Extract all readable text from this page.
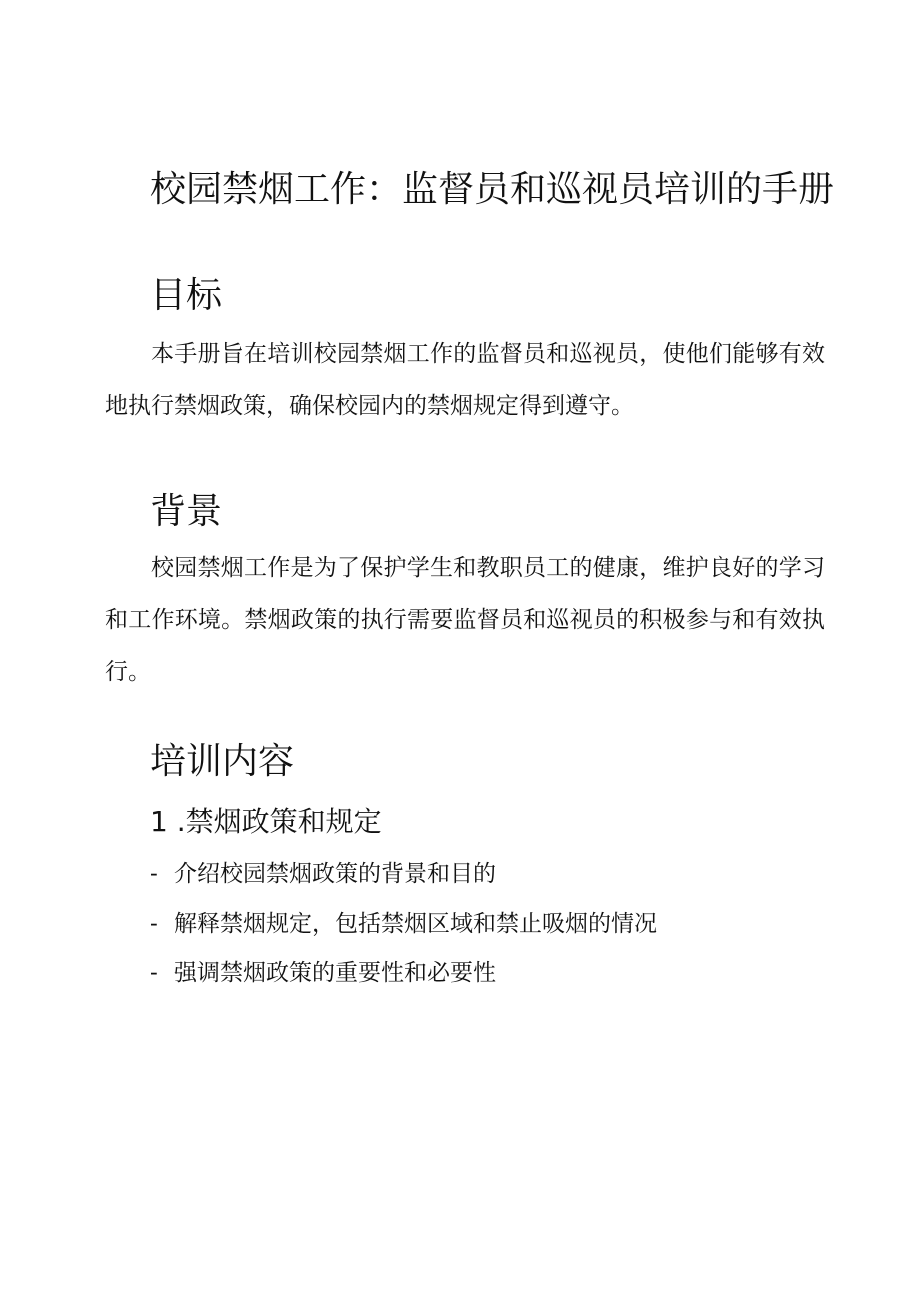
校园禁烟工作：监督员和巡视员培训的手册
目标
本手册旨在培训校园禁烟工作的监督员和巡视员，使他们能够有效地执行禁烟政策，确保校园内的禁烟规定得到遵守。
背景
校园禁烟工作是为了保护学生和教职员工的健康，维护良好的学习和工作环境。禁烟政策的执行需要监督员和巡视员的积极参与和有效执行。
培训内容
1 .禁烟政策和规定
- 介绍校园禁烟政策的背景和目的
- 解释禁烟规定，包括禁烟区域和禁止吸烟的情况
- 强调禁烟政策的重要性和必要性
